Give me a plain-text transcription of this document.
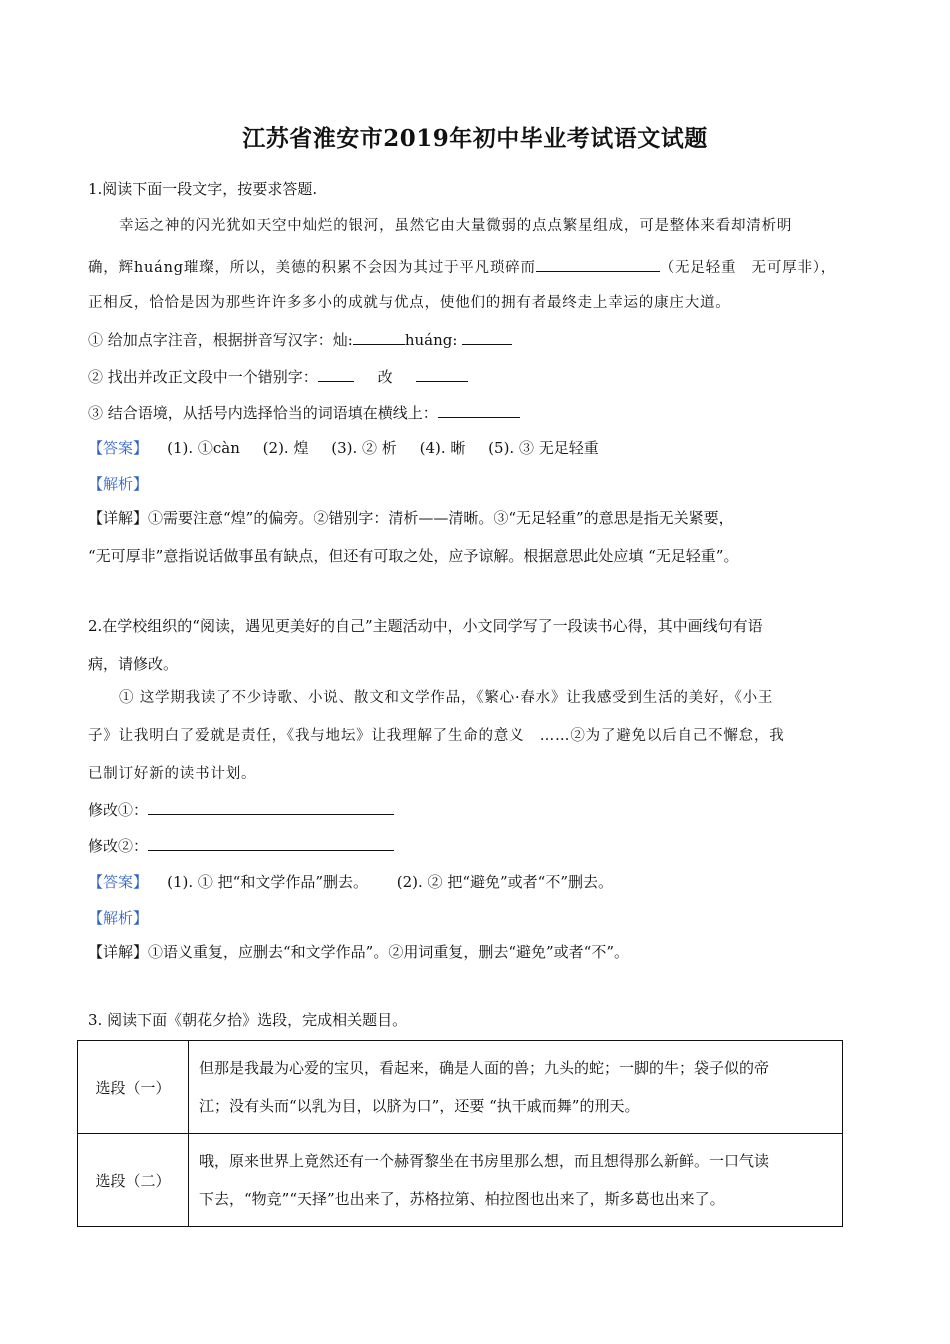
江苏省淮安市2019年初中毕业考试语文试题
1.阅读下面一段文字，按要求答题.
幸运之神的闪光犹如天空中灿烂的银河，虽然它由大量微弱的点点繁星组成，可是整体来看却清析明
确，辉huáng璀璨，所以，美德的积累不会因为其过于平凡琐碎而	（无足轻重　无可厚非），
正相反，恰恰是因为那些许许多多小的成就与优点，使他们的拥有者最终走上幸运的康庄大道。
① 给加点字注音，根据拼音写汉字：灿:	huáng:
② 找出并改正文段中一个错别字：	改
③ 结合语境，从括号内选择恰当的词语填在横线上：
【答案】 (1). ①càn (2). 煌 (3). ② 析 (4). 晰 (5). ③ 无足轻重
【解析】
【详解】①需要注意“煌”的偏旁。②错别字：清析——清晰。③“无足轻重”的意思是指无关紧要，
“无可厚非”意指说话做事虽有缺点，但还有可取之处，应予谅解。根据意思此处应填 “无足轻重”。
2.在学校组织的“阅读，遇见更美好的自己”主题活动中，小文同学写了一段读书心得，其中画线句有语
病，请修改。
① 这学期我读了不少诗歌、小说、散文和文学作品，《繁心·春水》让我感受到生活的美好，《小王
子》让我明白了爱就是责任，《我与地坛》让我理解了生命的意义　……②为了避免以后自己不懈怠，我
已制订好新的读书计划。
修改①：
修改②：
【答案】 (1). ① 把“和文学作品”删去。 (2). ② 把“避免”或者“不”删去。
【解析】
【详解】①语义重复，应删去“和文学作品”。②用词重复，删去“避免”或者“不”。
3. 阅读下面《朝花夕拾》选段，完成相关题目。
选段（一）	但那是我最为心爱的宝贝，看起来，确是人面的兽；九头的蛇；一脚的牛；袋子似的帝
江；没有头而“以乳为目，以脐为口”，还要 “执干戚而舞”的刑天。

选段（二）	哦，原来世界上竟然还有一个赫胥黎坐在书房里那么想，而且想得那么新鲜。一口气读
下去，“物竞”“天择”也出来了，苏格拉第、柏拉图也出来了，斯多葛也出来了。
